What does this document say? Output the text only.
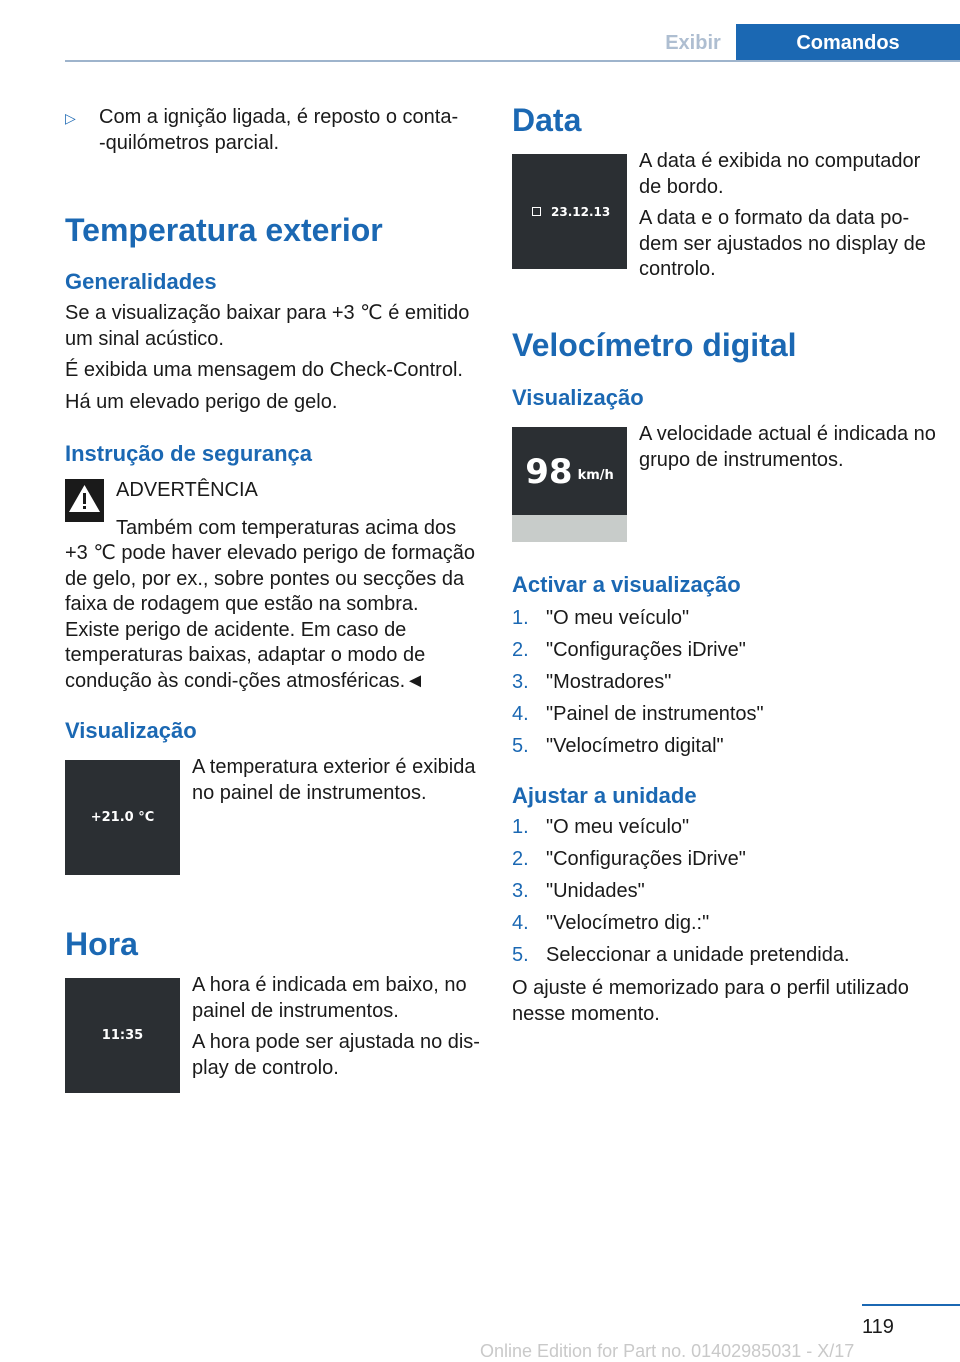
Exibir	Comandos
▷ Com a ignição ligada, é reposto o conta‐
-quilómetros parcial.
Temperatura exterior
Generalidades
Se a visualização baixar para +3 ℃ é emitido um sinal acústico.
É exibida uma mensagem do Check-Control.
Há um elevado perigo de gelo.
Instrução de segurança
ADVERTÊNCIA
Também com temperaturas acima dos
+3 ℃ pode haver elevado perigo de formação de gelo, por ex., sobre pontes ou secções da faixa de rodagem que estão na sombra. Existe perigo de acidente. Em caso de temperaturas baixas, adaptar o modo de condução às condi‐ções atmosféricas.◄
Visualização
+21.0 °C
A temperatura exterior é exibida no painel de instrumentos.
Hora
11:35
A hora é indicada em baixo, no painel de instrumentos.
A hora pode ser ajustada no dis‐play de controlo.
Data
23.12.13
A data é exibida no computador de bordo.
A data e o formato da data po‐dem ser ajustados no display de controlo.
Velocímetro digital
Visualização
98 km/h
A velocidade actual é indicada no grupo de instrumentos.
Activar a visualização
1. "O meu veículo"
2. "Configurações iDrive"
3. "Mostradores"
4. "Painel de instrumentos"
5. "Velocímetro digital"
Ajustar a unidade
1. "O meu veículo"
2. "Configurações iDrive"
3. "Unidades"
4. "Velocímetro dig.:"
5. Seleccionar a unidade pretendida.
O ajuste é memorizado para o perfil utilizado nesse momento.
119
Online Edition for Part no. 01402985031 - X/17
